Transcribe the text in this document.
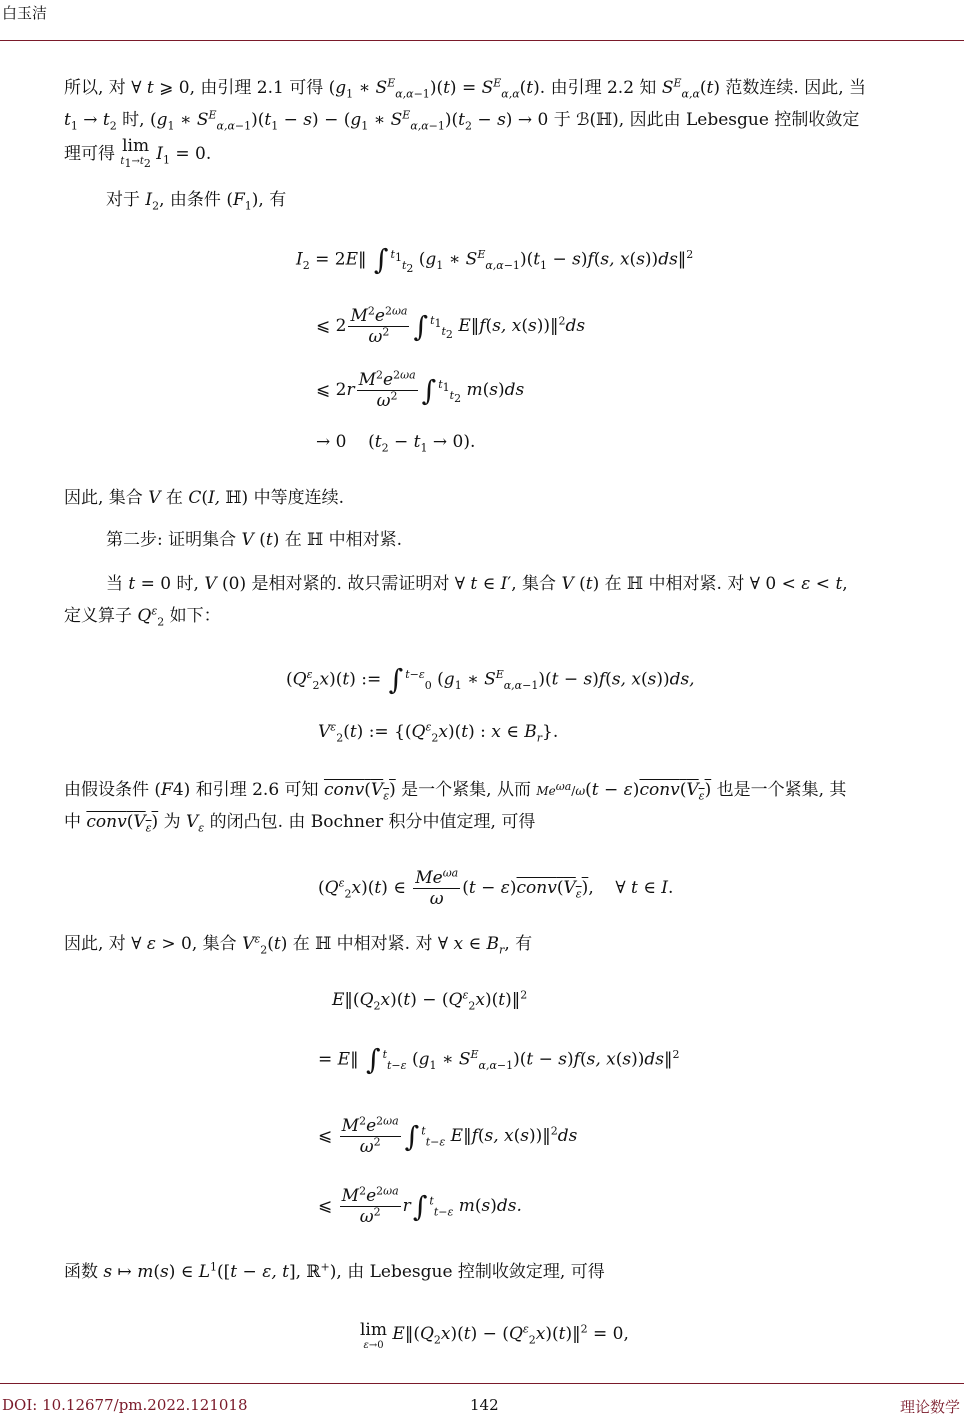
白玉洁
所以, 对 ∀ t ⩾ 0, 由引理 2.1 可得 ($g_1$ ∗ $S^E_{\alpha,\alpha-1})(t) = S^E_{\alpha,\alpha}(t)$. 由引理 2.2 知 $S^E_{\alpha,\alpha}(t)$ 范数连续. 因此, 当
$t_1 \to t_2$ 时, ($g_1$ ∗ $S^E_{\alpha,\alpha-1})(t_1 - s) - (g_1$ ∗ $S^E_{\alpha,\alpha-1})(t_2 - s) \to 0$ 于 ℬ(ℍ), 因此由 Lebesgue 控制收敛定
理可得 lim
$t_1\to t_2$ $I_1 = 0$.
对于 $I_2$, 由条件 $(F_1)$, 有
$I_2$ = 2E‖ ∫ $^{t_1}_{t_2}$ ($g_1$ ∗ $S^E_{\alpha,\alpha-1})(t_1 - s)f(s$, x(s))ds‖$^2$
⩽ $2 \frac{M^2e^{2\omega a}}{\omega^2}$ ∫ $^{t_1}_{t_2}$ E‖f(s, x(s))‖$^2$ds
⩽ $2r \frac{M^2e^{2\omega a}}{\omega^2}$ ∫ $^{t_1}_{t_2}$ m(s)ds
→ 0    $(t_2 - t_1 \to 0)$.
因此, 集合 V 在 C(I, ℍ) 中等度连续.
第二步: 证明集合 V (t) 在 ℍ 中相对紧.
当 t = 0 时, V (0) 是相对紧的. 故只需证明对 ∀ t ∈ I′, 集合 V (t) 在 ℍ 中相对紧. 对 ∀ 0 < ε < t,
定义算子 $Q^\varepsilon_2$ 如下：
$(Q^\varepsilon_2x)(t)$ := ∫ $^{t-\varepsilon}_0$ ($g_1$ ∗ $S^E_{\alpha,\alpha-1})(t - s)f(s$, x(s))ds,
$V^\varepsilon_2(t)$ := {$(Q^\varepsilon_2x)(t)$ : x ∈ $B_r$}.
由假设条件 (F4) 和引理 2.6 可知 $conv(V_\varepsilon)$ 是一个紧集, 从而 $Me^{\omega a}/\omega(t$ − $\varepsilon)conv(V_\varepsilon)$ 也是一个紧集, 其
中 $conv(V_\varepsilon)$ 为 $V_\varepsilon$ 的闭凸包. 由 Bochner 积分中值定理, 可得
$(Q^\varepsilon_2x)(t)$ ∈ $\frac{Me^{\omega a}}{\omega} (t$ − $\varepsilon)conv(V_\varepsilon)$,    ∀ t ∈ I.
因此, 对 ∀ ε > 0, 集合 $V^\varepsilon_2(t)$ 在 ℍ 中相对紧. 对 ∀ x ∈ $B_r$, 有
$E‖(Q_2x)(t)$ − $(Q^\varepsilon_2x)(t)‖^2$
= E‖ ∫ $^t_{t-\varepsilon}$ ($g_1$ ∗ $S^E_{\alpha,\alpha-1})(t - s)f(s$, x(s))ds‖$^2$
⩽ $\frac{M^2e^{2\omega a}}{\omega^2}$ ∫ $^t_{t-\varepsilon}$ E‖f(s, x(s))‖$^2$ds
⩽ $\frac{M^2e^{2\omega a}}{\omega^2} r\int$ $^t_{t-\varepsilon}$ m(s)ds.
函数 s ↦ m(s) ∈ $L^1([t - \varepsilon$, t], ℝ+), 由 Lebesgue 控制收敛定理, 可得
lim
ε→0
$E‖(Q_2x)(t)$ − $(Q^\varepsilon_2x)(t)‖^2 = 0$,
DOI: 10.12677/pm.2022.121018	142	理论数学
